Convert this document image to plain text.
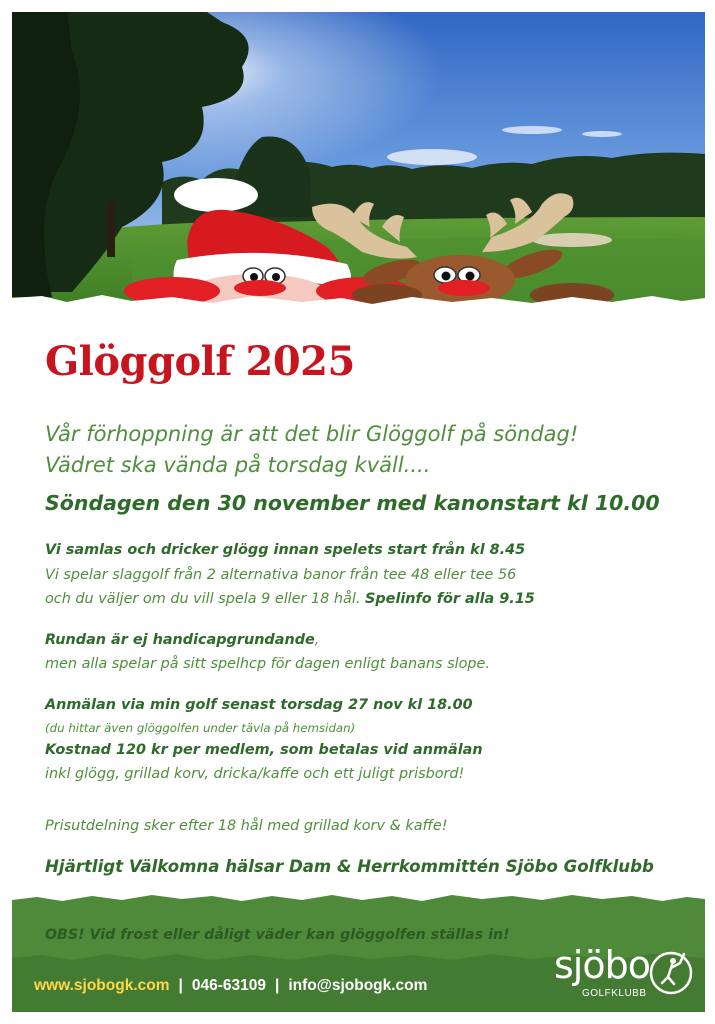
Glöggolf 2025
Vår förhoppning är att det blir Glöggolf på söndag!
Vädret ska vända på torsdag kväll....
Söndagen den 30 november med kanonstart kl 10.00
Vi samlas och dricker glögg innan spelets start från kl 8.45
Vi spelar slaggolf från 2 alternativa banor från tee 48 eller tee 56
och du väljer om du vill spela 9 eller 18 hål. Spelinfo för alla 9.15
Rundan är ej handicapgrundande,
men alla spelar på sitt spelhcp för dagen enligt banans slope.
Anmälan via min golf senast torsdag 27 nov kl 18.00
(du hittar även glöggolfen under tävla på hemsidan)
Kostnad 120 kr per medlem, som betalas vid anmälan
inkl glögg, grillad korv, dricka/kaffe och ett juligt prisbord!
Prisutdelning sker efter 18 hål med grillad korv & kaffe!
Hjärtligt Välkomna hälsar Dam & Herrkommittén Sjöbo Golfklubb
OBS! Vid frost eller dåligt väder kan glöggolfen ställas in!
www.sjobogk.com | 046-63109 | info@sjobogk.com	sjöbo
GOLFKLUBB
